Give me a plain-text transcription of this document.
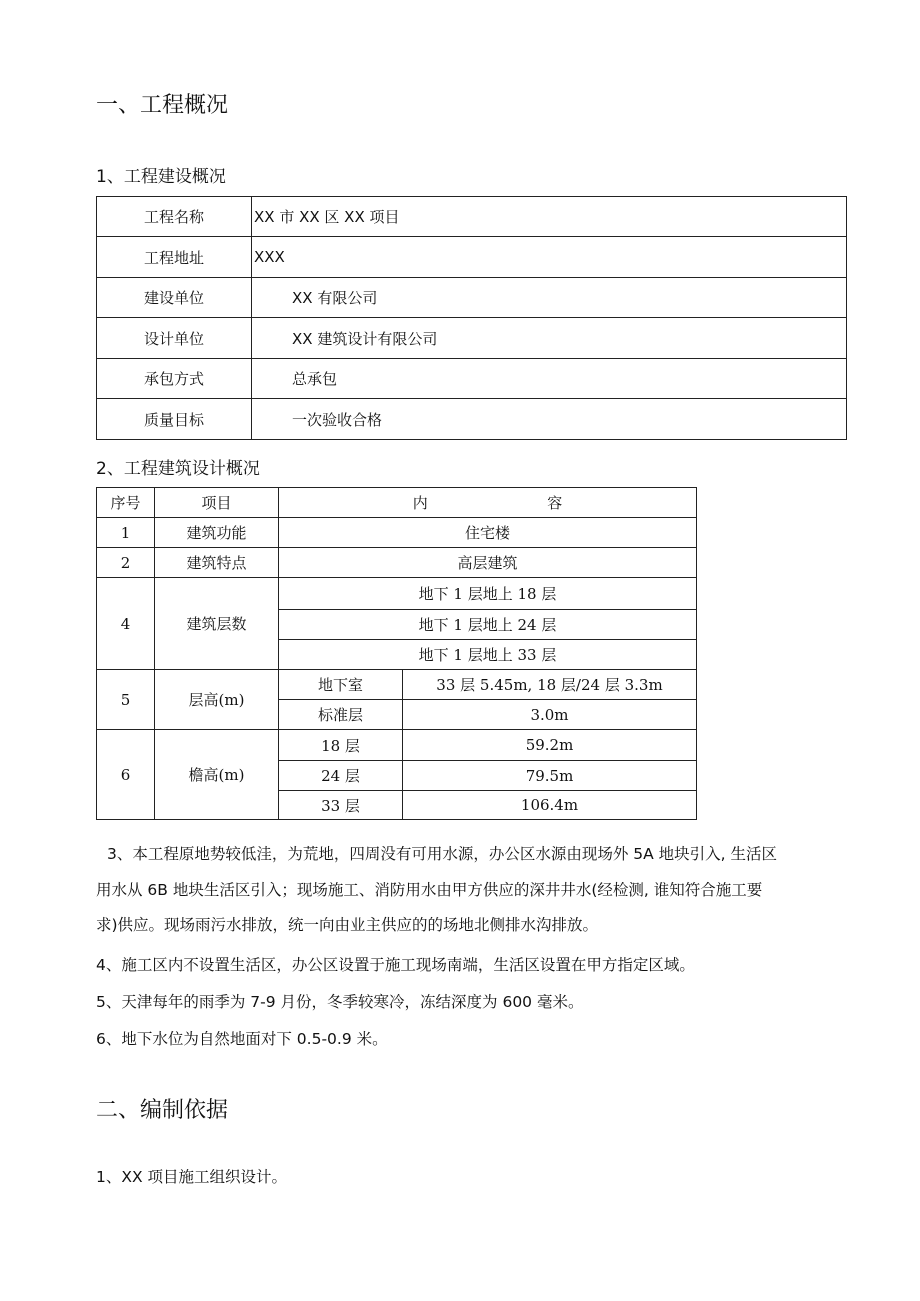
一、工程概况
1、工程建设概况
工程名称	XX 市 XX 区 XX 项目
工程地址	XXX
建设单位	XX 有限公司
设计单位	XX 建筑设计有限公司
承包方式	总承包
质量目标	一次验收合格
2、工程建筑设计概况
序号	项目	内 容	
1	建筑功能	住宅楼	
2	建筑特点	高层建筑	
4	建筑层数	地下 1 层地上 18 层	
		地下 1 层地上 24 层	
		地下 1 层地上 33 层	
5	层高(m)	地下室	33 层 5.45m, 18 层/24 层 3.3m
		标准层	3.0m
6	檐高(m)	18 层	59.2m
		24 层	79.5m
		33 层	106.4m
3、本工程原地势较低洼，为荒地，四周没有可用水源，办公区水源由现场外 5A 地块引入, 生活区
用水从 6B 地块生活区引入；现场施工、消防用水由甲方供应的深井井水(经检测, 谁知符合施工要
求)供应。现场雨污水排放，统一向由业主供应的的场地北侧排水沟排放。
4、施工区内不设置生活区，办公区设置于施工现场南端，生活区设置在甲方指定区域。
5、天津每年的雨季为 7-9 月份，冬季较寒冷，冻结深度为 600 毫米。
6、地下水位为自然地面对下 0.5-0.9 米。
二、编制依据
1、XX 项目施工组织设计。
